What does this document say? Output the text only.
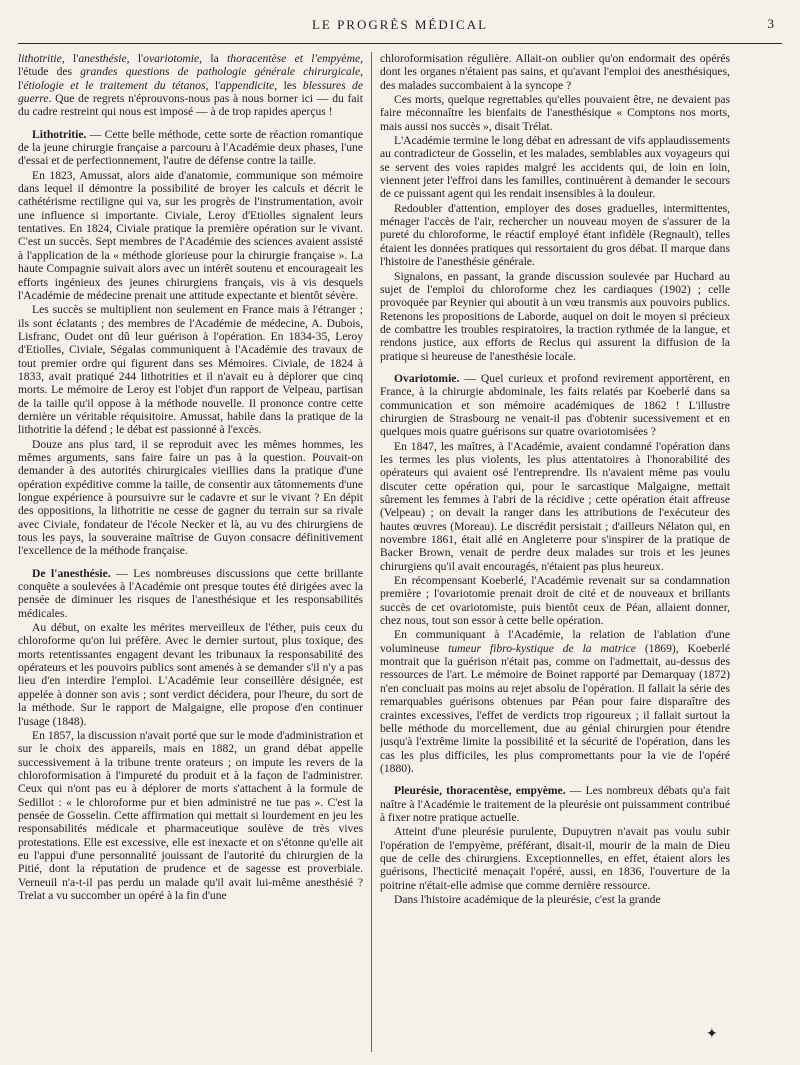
LE PROGRÈS MÉDICAL	3

lithotritie, l'anesthésie, l'ovariotomie, la thoracentèse et l'empyème, l'étude des grandes questions de pathologie générale chirurgicale, l'étiologie et le traitement du tétanos, l'appendicite, les blessures de guerre. Que de regrets n'éprouvons-nous pas à nous borner ici — du fait du cadre restreint qui nous est imposé — à de trop rapides aperçus !

Lithotritie. — Cette belle méthode, cette sorte de réaction romantique de la jeune chirurgie française a parcouru à l'Académie deux phases, l'une d'essai et de perfectionnement, l'autre de défense contre la taille.

En 1823, Amussat, alors aide d'anatomie, communique son mémoire dans lequel il démontre la possibilité de broyer les calculs et décrit le cathétérisme rectiligne qui va, sur les progrès de l'instrumentation, avoir une influence si importante. Civiale, Leroy d'Etiolles signalent leurs tentatives. En 1824, Civiale pratique la première opération sur le vivant. C'est un succès. Sept membres de l'Académie des sciences avaient assisté à l'application de la « méthode glorieuse pour la chirurgie française ». La haute Compagnie suivait alors avec un intérêt soutenu et encourageait les efforts ingénieux des jeunes chirurgiens français, vis à vis desquels l'Académie de médecine prenait une attitude expectante et bientôt sévère.

Les succès se multiplient non seulement en France mais à l'étranger ; ils sont éclatants ; des membres de l'Académie de médecine, A. Dubois, Lisfranc, Oudet ont dû leur guérison à l'opération. En 1834-35, Leroy d'Etiolles, Civiale, Ségalas communiquent à l'Académie des travaux de tout premier ordre qui figurent dans ses Mémoires. Civiale, de 1824 à 1833, avait pratiqué 244 lithotrities et il n'avait eu à déplorer que cinq morts. Le mémoire de Leroy est l'objet d'un rapport de Velpeau, partisan de la taille qu'il oppose à la méthode nouvelle. Il prononce contre cette dernière un véritable réquisitoire. Amussat, habile dans la pratique de la lithotritie la défend ; le débat est passionné à l'excès.

Douze ans plus tard, il se reproduit avec les mêmes hommes, les mêmes arguments, sans faire faire un pas à la question. Pouvait-on demander à des autorités chirurgicales vieillies dans la pratique d'une opération expéditive comme la taille, de consentir aux tâtonnements d'une longue expérience à poursuivre sur le cadavre et sur le vivant ? En dépit des oppositions, la lithotritie ne cesse de gagner du terrain sur sa rivale avec Civiale, fondateur de l'école Necker et là, au vu des chirurgiens de tous les pays, la souveraine maîtrise de Guyon consacre définitivement l'excellence de la méthode française.

De l'anesthésie. — Les nombreuses discussions que cette brillante conquête a soulevées à l'Académie ont presque toutes été dirigées avec la pensée de diminuer les risques de l'anesthésique et les responsabilités médicales.

Au début, on exalte les mérites merveilleux de l'éther, puis ceux du chloroforme qu'on lui préfère. Avec le dernier surtout, plus toxique, des morts retentissantes engagent devant les tribunaux la responsabilité des opérateurs et les pouvoirs publics sont amenés à se demander s'il n'y a pas lieu d'en interdire l'emploi. L'Académie leur conseillère désignée, est appelée à donner son avis ; sont verdict décidera, pour l'heure, du sort de la méthode. Sur le rapport de Malgaigne, elle propose d'en continuer l'usage (1848).

En 1857, la discussion n'avait porté que sur le mode d'administration et sur le choix des appareils, mais en 1882, un grand débat appelle successivement à la tribune trente orateurs ; on impute les revers de la chloroformisation à l'impureté du produit et à la façon de l'administrer. Ceux qui n'ont pas eu à déplorer de morts s'attachent à la formule de Sedillot : « le chloroforme pur et bien administré ne tue pas ». C'est la pensée de Gosselin. Cette affirmation qui mettait si lourdement en jeu les responsabilités médicale et pharmaceutique soulève de très vives protestations. Elle est excessive, elle est inexacte et on s'étonne qu'elle ait eu l'appui d'une personnalité jouissant de l'autorité du chirurgien de la Pitié, dont la réputation de prudence et de sagesse est proverbiale. Verneuil n'a-t-il pas perdu un malade qu'il avait lui-même anesthésié ? Trelat a vu succomber un opéré à la fin d'une

chloroformisation régulière. Allait-on oublier qu'on endormait des opérés dont les organes n'étaient pas sains, et qu'avant l'emploi des anesthésiques, des malades succombaient à la syncope ?

Ces morts, quelque regrettables qu'elles pouvaient être, ne devaient pas faire méconnaître les bienfaits de l'anesthésique « Comptons nos morts, mais aussi nos succès », disait Trélat.

L'Académie termine le long débat en adressant de vifs applaudissements au contradicteur de Gosselin, et les malades, semblables aux voyageurs qui se servent des voies rapides malgré les accidents qui, de loin en loin, viennent jeter l'effroi dans les familles, continuèrent à demander le secours de ce puissant agent qui les rendait insensibles à la douleur.

Redoubler d'attention, employer des doses graduelles, intermittentes, ménager l'accès de l'air, rechercher un nouveau moyen de s'assurer de la pureté du chloroforme, le réactif employé étant infidèle (Regnault), telles étaient les données pratiques qui ressortaient du gros débat. Il marque dans l'histoire de l'anesthésie générale.

Signalons, en passant, la grande discussion soulevée par Huchard au sujet de l'emploi du chloroforme chez les cardiaques (1902) ; celle provoquée par Reynier qui aboutit à un vœu transmis aux pouvoirs publics. Retenons les propositions de Laborde, auquel on doit le moyen si précieux de combattre les troubles respiratoires, la traction rythmée de la langue, et rendons justice, aux efforts de Reclus qui assurent la diffusion de la pratique si heureuse de l'anesthésie locale.

Ovariotomie. — Quel curieux et profond revirement apportèrent, en France, à la chirurgie abdominale, les faits relatés par Koeberlé dans sa communication et son mémoire académiques de 1862 ! L'illustre chirurgien de Strasbourg ne venait-il pas d'obtenir sucessivement et en quelques mois quatre guérisons sur quatre ovariotomisées ?

En 1847, les maîtres, à l'Académie, avaient condamné l'opération dans les termes les plus violents, les plus attentatoires à l'honorabilité des opérateurs qui avaient osé l'entreprendre. Ils n'avaient même pas voulu discuter cette opération qui, pour le sarcastique Malgaigne, mettait sûrement les femmes à l'abri de la récidive ; cette opération était affreuse (Velpeau) ; on devait la ranger dans les attributions de l'exécuteur des hautes œuvres (Moreau). Le discrédit persistait ; d'ailleurs Nélaton qui, en novembre 1861, était allé en Angleterre pour s'inspirer de la pratique de Backer Brown, venait de perdre deux malades sur trois et les jeunes chirurgiens qu'il avait encouragés, n'étaient pas plus heureux.

En récompensant Koeberlé, l'Académie revenait sur sa condamnation première ; l'ovariotomie prenait droit de cité et de nouveaux et brillants succès de cet ovariotomiste, puis bientôt ceux de Péan, allaient donner, chez nous, tout son essor à cette belle opération.

En communiquant à l'Académie, la relation de l'ablation d'une volumineuse tumeur fibro-kystique de la matrice (1869), Koeberlé montrait que la guérison n'était pas, comme on l'admettait, au-dessus des ressources de l'art. Le mémoire de Boinet rapporté par Demarquay (1872) n'en concluait pas moins au rejet absolu de l'opération. Il fallait la série des remarquables guérisons obtenues par Péan pour faire disparaître des craintes excessives, l'effet de verdicts trop rigoureux ; il fallait surtout la belle méthode du morcellement, due au génial chirurgien pour étendre jusqu'à l'extrême limite la possibilité et la sécurité de l'opération, dans les cas les plus difficiles, les plus compromettants pour la vie de l'opéré (1880).

Pleurésie, thoracentèse, empyème. — Les nombreux débats qu'a fait naître à l'Académie le traitement de la pleurésie ont puissamment contribué à fixer notre pratique actuelle.

Atteint d'une pleurésie purulente, Dupuytren n'avait pas voulu subir l'opération de l'empyème, préférant, disait-il, mourir de la main de Dieu que de celle des chirurgiens. Exceptionnelles, en effet, étaient alors les guérisons, l'hecticité menaçait l'opéré, aussi, en 1836, l'ouverture de la poitrine n'était-elle admise que comme dernière ressource.

Dans l'histoire académique de la pleurésie, c'est la grande

✦
